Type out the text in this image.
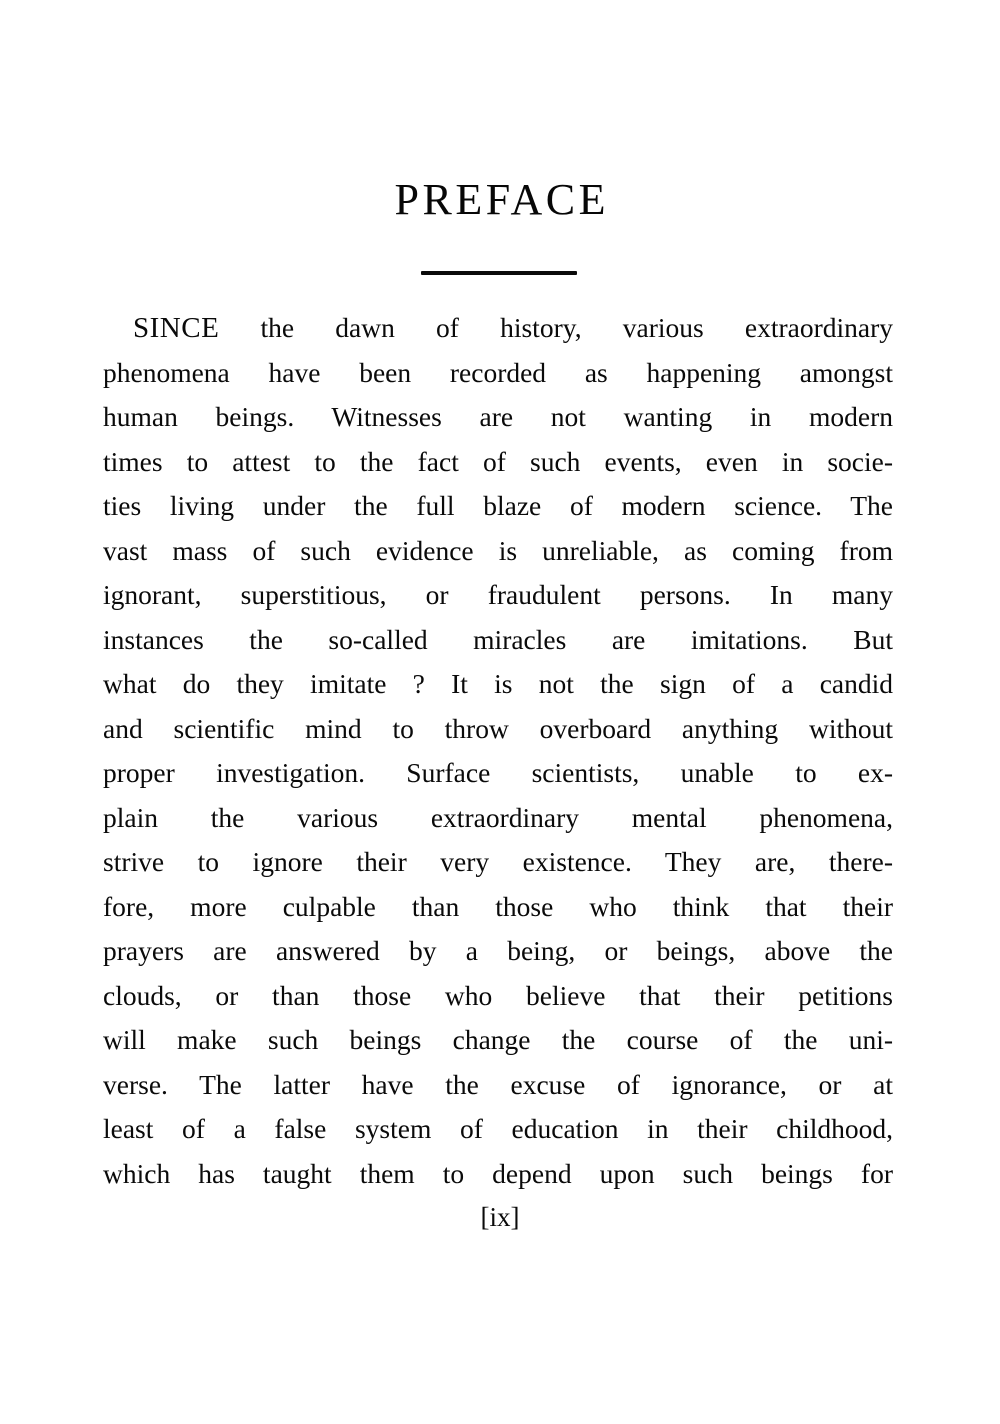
PREFACE
SINCE the dawn of history, various extraordinary
phenomena have been recorded as happening amongst
human beings. Witnesses are not wanting in modern
times to attest to the fact of such events, even in socie-
ties living under the full blaze of modern science. The
vast mass of such evidence is unreliable, as coming from
ignorant, superstitious, or fraudulent persons. In many
instances the so-called miracles are imitations. But
what do they imitate ? It is not the sign of a candid
and scientific mind to throw overboard anything without
proper investigation. Surface scientists, unable to ex-
plain the various extraordinary mental phenomena,
strive to ignore their very existence. They are, there-
fore, more culpable than those who think that their
prayers are answered by a being, or beings, above the
clouds, or than those who believe that their petitions
will make such beings change the course of the uni-
verse. The latter have the excuse of ignorance, or at
least of a false system of education in their childhood,
which has taught them to depend upon such beings for
[ix]
